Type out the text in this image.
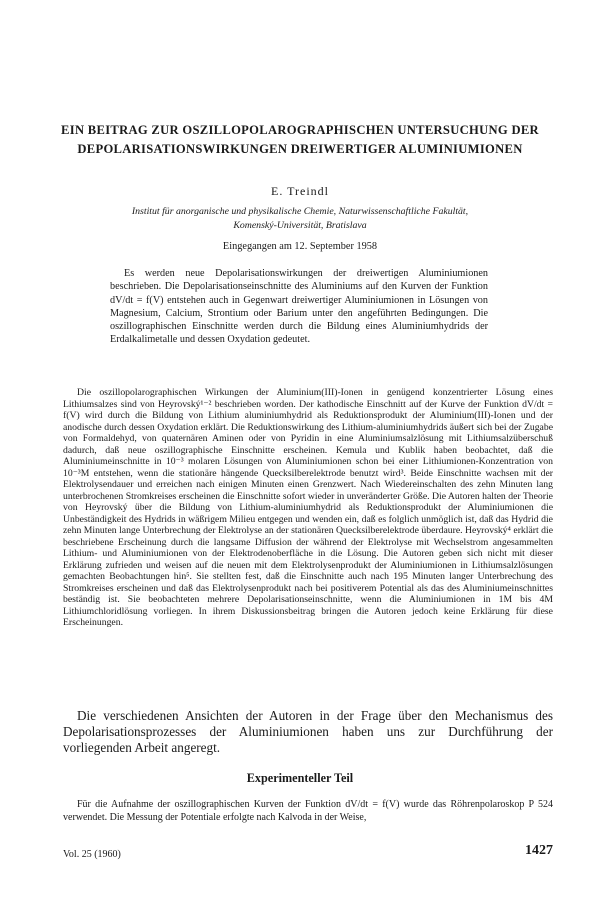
EIN BEITRAG ZUR OSZILLOPOLAROGRAPHISCHEN UNTERSUCHUNG DER DEPOLARISATIONSWIRKUNGEN DREIWERTIGER ALUMINIUMIONEN

E. Treindl

Institut für anorganische und physikalische Chemie, Naturwissenschaftliche Fakultät,
Komenský-Universität, Bratislava

Eingegangen am 12. September 1958

Es werden neue Depolarisationswirkungen der dreiwertigen Aluminiumionen beschrieben. Die Depolarisationseinschnitte des Aluminiums auf den Kurven der Funktion dV/dt = f(V) entstehen auch in Gegenwart dreiwertiger Aluminiumionen in Lösungen von Magnesium, Calcium, Strontium oder Barium unter den angeführten Bedingungen. Die oszillographischen Einschnitte werden durch die Bildung eines Aluminiumhydrids der Erdalkalimetalle und dessen Oxydation gedeutet.

Die oszillopolarographischen Wirkungen der Aluminium(III)-Ionen in genügend konzentrierter Lösung eines Lithiumsalzes sind von Heyrovský¹⁻² beschrieben worden. Der kathodische Einschnitt auf der Kurve der Funktion dV/dt = f(V) wird durch die Bildung von Lithium aluminiumhydrid als Reduktionsprodukt der Aluminium(III)-Ionen und der anodische durch dessen Oxydation erklärt. Die Reduktionswirkung des Lithium-aluminiumhydrids äußert sich bei der Zugabe von Formaldehyd, von quaternären Aminen oder von Pyridin in eine Aluminiumsalzlösung mit Lithiumsalzüberschuß dadurch, daß neue oszillographische Einschnitte erscheinen. Kemula und Kublik haben beobachtet, daß die Aluminiumeinschnitte in 10⁻³ molaren Lösungen von Aluminiumionen schon bei einer Lithiumionen-Konzentration von 10⁻³M entstehen, wenn die stationäre hängende Quecksilberelektrode benutzt wird³. Beide Einschnitte wachsen mit der Elektrolysendauer und erreichen nach einigen Minuten einen Grenzwert. Nach Wiedereinschalten des zehn Minuten lang unterbrochenen Stromkreises erscheinen die Einschnitte sofort wieder in unveränderter Größe. Die Autoren halten der Theorie von Heyrovský über die Bildung von Lithium-aluminiumhydrid als Reduktionsprodukt der Aluminiumionen die Unbeständigkeit des Hydrids in wäßrigem Milieu entgegen und wenden ein, daß es folglich unmöglich ist, daß das Hydrid die zehn Minuten lange Unterbrechung der Elektrolyse an der stationären Quecksilberelektrode überdaure. Heyrovský⁴ erklärt die beschriebene Erscheinung durch die langsame Diffusion der während der Elektrolyse mit Wechselstrom angesammelten Lithium- und Aluminiumionen von der Elektrodenoberfläche in die Lösung. Die Autoren geben sich nicht mit dieser Erklärung zufrieden und weisen auf die neuen mit dem Elektrolysenprodukt der Aluminiumionen in Lithiumsalzlösungen gemachten Beobachtungen hin⁵. Sie stellten fest, daß die Einschnitte auch nach 195 Minuten langer Unterbrechung des Stromkreises erscheinen und daß das Elektrolysenprodukt nach bei positiverem Potential als das des Aluminiumeinschnittes beständig ist. Sie beobachteten mehrere Depolarisationseinschnitte, wenn die Aluminiumionen in 1M bis 4M Lithiumchloridlösung vorliegen. In ihrem Diskussionsbeitrag bringen die Autoren jedoch keine Erklärung für diese Erscheinungen.

Die verschiedenen Ansichten der Autoren in der Frage über den Mechanismus des Depolarisationsprozesses der Aluminiumionen haben uns zur Durchführung der vorliegenden Arbeit angeregt.

Experimenteller Teil

Für die Aufnahme der oszillographischen Kurven der Funktion dV/dt = f(V) wurde das Röhrenpolaroskop P 524 verwendet. Die Messung der Potentiale erfolgte nach Kalvoda in der Weise,

Vol. 25 (1960)	1427
